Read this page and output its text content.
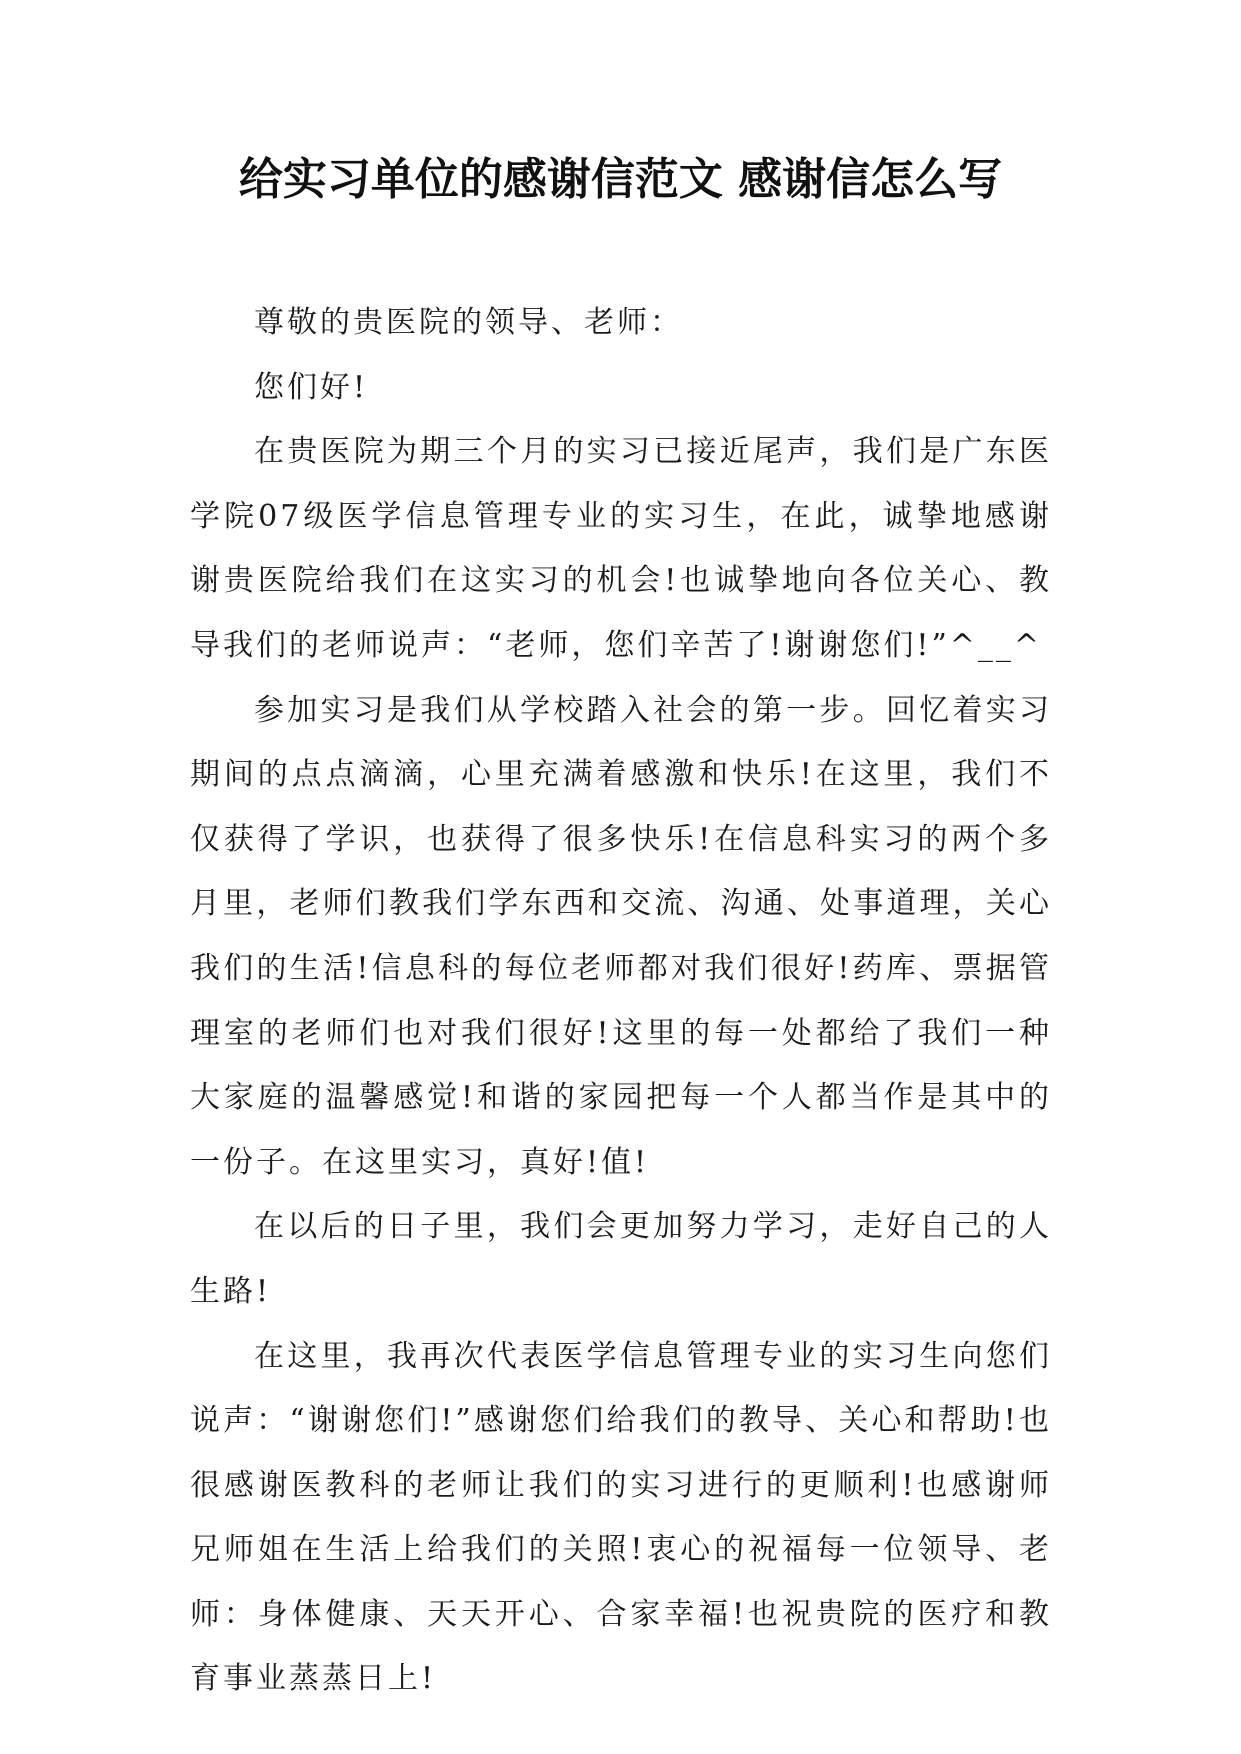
给实习单位的感谢信范文 感谢信怎么写

尊敬的贵医院的领导、老师：

您们好!

在贵医院为期三个月的实习已接近尾声，我们是广东医学院07级医学信息管理专业的实习生，在此，诚挚地感谢谢贵医院给我们在这实习的机会!也诚挚地向各位关心、教导我们的老师说声：“老师，您们辛苦了!谢谢您们!”^__^

参加实习是我们从学校踏入社会的第一步。回忆着实习期间的点点滴滴，心里充满着感激和快乐!在这里，我们不仅获得了学识，也获得了很多快乐!在信息科实习的两个多月里，老师们教我们学东西和交流、沟通、处事道理，关心我们的生活!信息科的每位老师都对我们很好!药库、票据管理室的老师们也对我们很好!这里的每一处都给了我们一种大家庭的温馨感觉!和谐的家园把每一个人都当作是其中的一份子。在这里实习，真好!值!

在以后的日子里，我们会更加努力学习，走好自己的人生路!

在这里，我再次代表医学信息管理专业的实习生向您们说声：“谢谢您们!”感谢您们给我们的教导、关心和帮助!也很感谢医教科的老师让我们的实习进行的更顺利!也感谢师兄师姐在生活上给我们的关照!衷心的祝福每一位领导、老师：身体健康、天天开心、合家幸福!也祝贵院的医疗和教育事业蒸蒸日上!
